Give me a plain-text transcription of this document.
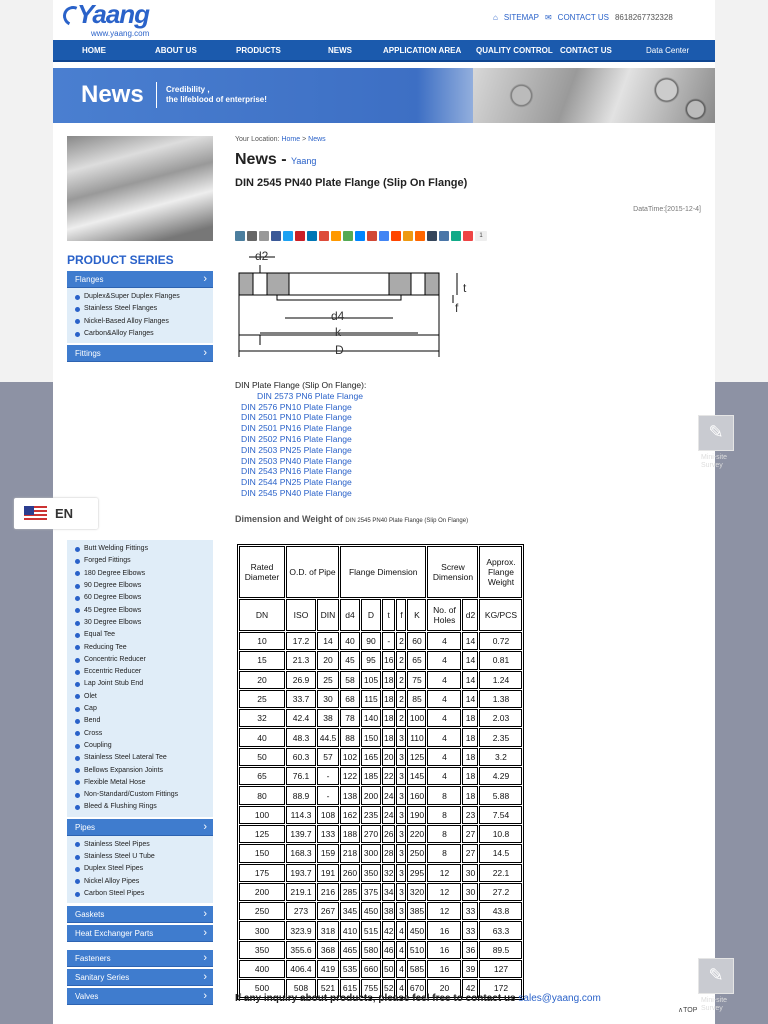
Yaang
www.yaang.com
⌂ SITEMAP ✉ CONTACT US 8618267732328
HOME	ABOUT US	PRODUCTS	NEWS	APPLICATION AREA QUALITY CONTROL CONTACT US	Data Center
News	Credibility ,
the lifeblood of enterprise!
PRODUCT SERIES
Flanges ›
Duplex&Super Duplex Flanges
Stainless Steel Flanges
Nickel-Based Alloy Flanges
Carbon&Alloy Flanges
Fittings ›
Butt Welding Fittings
Forged Fittings
180 Degree Elbows
90 Degree Elbows
60 Degree Elbows
45 Degree Elbows
30 Degree Elbows
Equal Tee
Reducing Tee
Concentric Reducer
Eccentric Reducer
Lap Joint Stub End
Olet
Cap
Bend
Cross
Coupling
Stainless Steel Lateral Tee
Bellows Expansion Joints
Flexible Metal Hose
Non-Standard/Custom Fittings
Bleed & Flushing Rings
Pipes ›
Stainless Steel Pipes
Stainless Steel U Tube
Duplex Steel Pipes
Nickel Alloy Pipes
Carbon Steel Pipes
Gaskets ›
Heat Exchanger Parts ›
Fasteners ›
Sanitary Series ›
Valves ›
Your Location: Home > News
News - Yaang
DIN 2545 PN40 Plate Flange (Slip On Flange)
DataTime:[2015-12-4]
1
d2
t
f
d4
k
D
DIN Plate Flange (Slip On Flange):
DIN 2573 PN6 Plate Flange
DIN 2576 PN10 Plate Flange
DIN 2501 PN10 Plate Flange
DIN 2501 PN16 Plate Flange
DIN 2502 PN16 Plate Flange
DIN 2503 PN25 Plate Flange
DIN 2503 PN40 Plate Flange
DIN 2543 PN16 Plate Flange
DIN 2544 PN25 Plate Flange
DIN 2545 PN40 Plate Flange
Dimension and Weight of DIN 2545 PN40 Plate Flange (Slip On Flange)
Rated Diameter	O.D. of Pipe		Flange Dimension					Screw Dimension		Approx. Flange Weight
DN	ISO	DIN	d4	D	t	f	K	No. of Holes	d2	KG/PCS
10	17.2	14	40	90	-	2	60	4	14	0.72
15	21.3	20	45	95	16	2	65	4	14	0.81
20	26.9	25	58	105	18	2	75	4	14	1.24
25	33.7	30	68	115	18	2	85	4	14	1.38
32	42.4	38	78	140	18	2	100	4	18	2.03
40	48.3	44.5	88	150	18	3	110	4	18	2.35
50	60.3	57	102	165	20	3	125	4	18	3.2
65	76.1	-	122	185	22	3	145	4	18	4.29
80	88.9	-	138	200	24	3	160	8	18	5.88
100	114.3	108	162	235	24	3	190	8	23	7.54
125	139.7	133	188	270	26	3	220	8	27	10.8
150	168.3	159	218	300	28	3	250	8	27	14.5
175	193.7	191	260	350	32	3	295	12	30	22.1
200	219.1	216	285	375	34	3	320	12	30	27.2
250	273	267	345	450	38	3	385	12	33	43.8
300	323.9	318	410	515	42	4	450	16	33	63.3
350	355.6	368	465	580	46	4	510	16	36	89.5
400	406.4	419	535	660	50	4	585	16	39	127
500	508	521	615	755	52	4	670	20	42	172
If any inquiry about products, please feel free to contact us sales@yaang.com
EN
✎
Mini-site
Survey
✎
Mini-site
Survey
∧TOP
